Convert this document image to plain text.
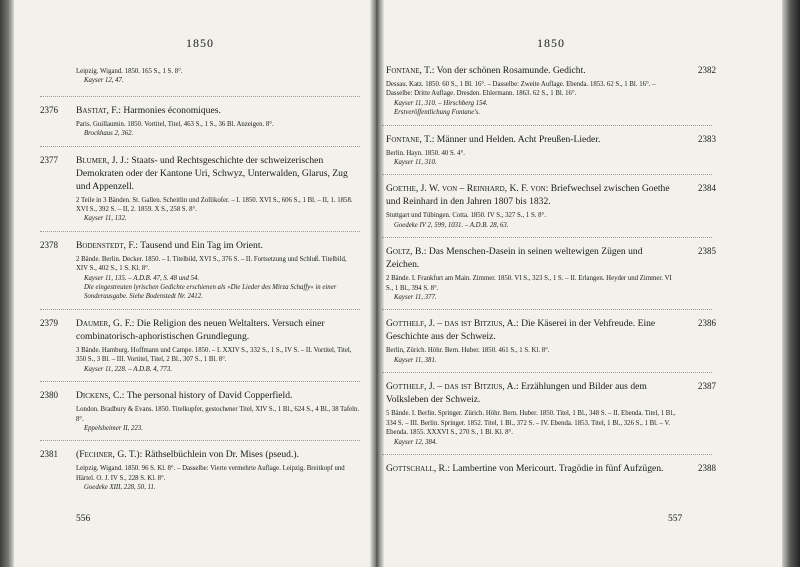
1850
Leipzig. Wigand. 1850. 165 S., 1 S. 8°.
Kayser 12, 47.
2376 Bastiat, F.: Harmonies économiques.
Paris. Guillaumin. 1850. Vortitel, Titel, 463 S., 1 S., 36 Bl. Anzeigen. 8°.
Brockhaus 2, 362.
2377 Blumer, J. J.: Staats- und Rechtsgeschichte der schweizerischen Demokraten oder der Kantone Uri, Schwyz, Unterwalden, Glarus, Zug und Appenzell.
2 Teile in 3 Bänden. St. Gallen. Scheitlin und Zollikofer. – I. 1850. XVI S., 606 S., 1 Bl. – II, 1. 1858. XVI S., 392 S. – II, 2. 1859. X S., 258 S. 8°.
Kayser 11, 132.
2378 Bodenstedt, F.: Tausend und Ein Tag im Orient.
2 Bände. Berlin. Decker. 1850. – I. Titelbild, XVI S., 376 S. – II. Fortsetzung und Schluß. Titelbild, XIV S., 402 S., 1 S. Kl. 8°.
Kayser 11, 135. – A.D.B. 47, S. 48 und 54.
Die eingestreuten lyrischen Gedichte erschienen als »Die Lieder des Mirza Schaffy« in einer Sonderausgabe. Siehe Bodenstedt Nr. 2412.
2379 Daumer, G. F.: Die Religion des neuen Weltalters. Versuch einer combinatorisch-aphoristischen Grundlegung.
3 Bände. Hamburg. Hoffmann und Campe. 1850. – I. XXIV S., 332 S., 1 S., IV S. – II. Vortitel, Titel, 350 S., 3 Bl. – III. Vortitel, Titel, 2 Bl., 307 S., 1 Bl. 8°.
Kayser 11, 228. – A.D.B. 4, 773.
2380 Dickens, C.: The personal history of David Copperfield.
London. Bradbury & Evans. 1850. Titelkupfer, gestochener Titel, XIV S., 1 Bl., 624 S., 4 Bl., 38 Tafeln. 8°.
Eppelsheimer II, 223.
2381 (Fechner, G. T.): Räthselbüchlein von Dr. Mises (pseud.).
Leipzig. Wigand. 1850. 96 S. Kl. 8°. – Dasselbe: Vierte vermehrte Auflage. Leipzig. Breitkopf und Härtel. O. J. IV S., 228 S. Kl. 8°.
Goedeke XIII, 228, 50, 11.
556
1850
2382
Fontane, T.: Von der schönen Rosamunde. Gedicht.
Dessau. Katz. 1850. 60 S., 1 Bl. 16°. – Dasselbe: Zweite Auflage. Ebenda. 1853. 62 S., 1 Bl. 16°. – Dasselbe: Dritte Auflage. Dresden. Ehlermann. 1863. 62 S., 1 Bl. 16°.
Kayser 11, 310. – Hirschberg 154.
Erstveröffentlichung Fontane's.
2383
Fontane, T.: Männer und Helden. Acht Preußen-Lieder.
Berlin. Hayn. 1850. 40 S. 4°.
Kayser 11, 310.
2384
Goethe, J. W. von – Reinhard, K. F. von: Briefwechsel zwischen Goethe und Reinhard in den Jahren 1807 bis 1832.
Stuttgart und Tübingen. Cotta. 1850. IV S., 327 S., 1 S. 8°.
Goedeke IV 2, 599, 1031. – A.D.B. 28, 63.
2385
Goltz, B.: Das Menschen-Dasein in seinen weltewigen Zügen und Zeichen.
2 Bände. I. Frankfurt am Main. Zimmer. 1850. VI S., 323 S., 1 S. – II. Erlangen. Heyder und Zimmer. VI S., 1 Bl., 394 S. 8°.
Kayser 11, 377.
2386
Gotthelf, J. – das ist Bitzius, A.: Die Käserei in der Vehfreude. Eine Geschichte aus der Schweiz.
Berlin, Zürich. Höhr. Bern. Huber. 1850. 461 S., 1 S. Kl. 8°.
Kayser 11, 381.
2387
Gotthelf, J. – das ist Bitzius, A.: Erzählungen und Bilder aus dem Volksleben der Schweiz.
5 Bände. I. Berlin. Springer. Zürich. Höhr. Bern. Huber. 1850. Titel, 1 Bl., 348 S. – II. Ebenda. Titel, 1 Bl., 334 S. – III. Berlin. Springer. 1852. Titel, 1 Bl., 372 S. – IV. Ebenda. 1853. Titel, 1 Bl., 326 S., 1 Bl. – V. Ebenda. 1855. XXXVI S., 270 S., 1 Bl. Kl. 8°.
Kayser 12, 384.
2388
Gottschall, R.: Lambertine von Mericourt. Tragödie in fünf Aufzügen.
557
